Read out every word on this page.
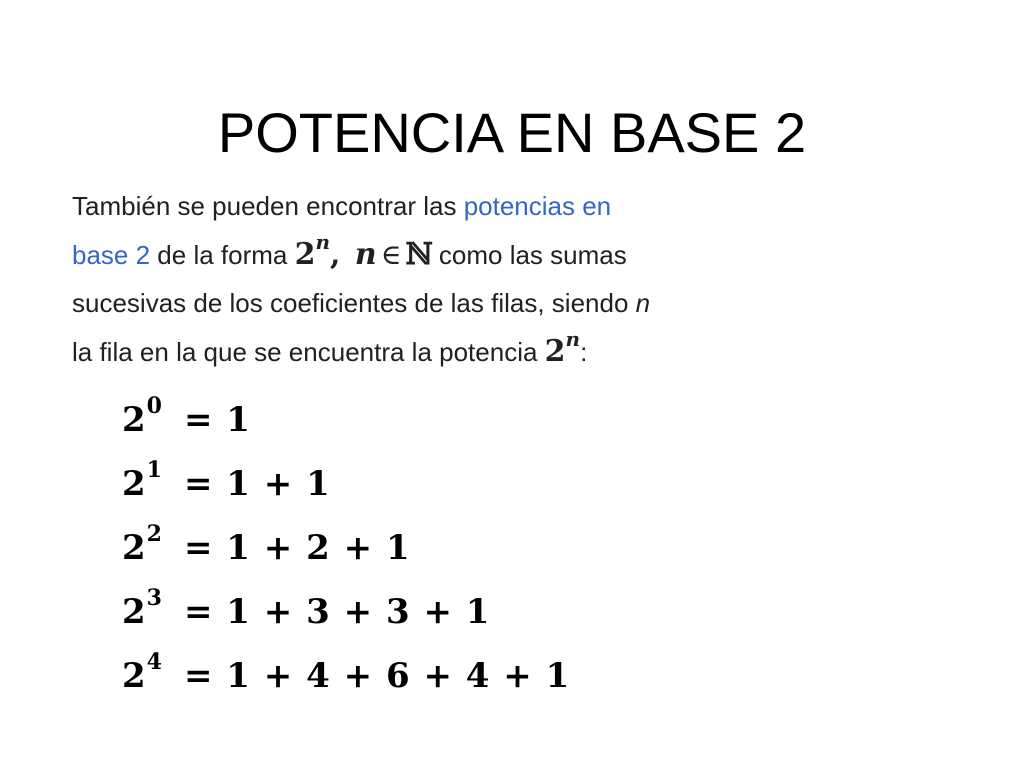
POTENCIA EN BASE 2
También se pueden encontrar las potencias en
base 2 de la forma 2$^n$, n ∈ ℕ como las sumas
sucesivas de los coeficientes de las filas, siendo n
la fila en la que se encuentra la potencia 2$^n$:
2 0 = 1
2 1 = 1 + 1
2 2 = 1 + 2 + 1
2 3 = 1 + 3 + 3 + 1
2 4 = 1 + 4 + 6 + 4 + 1
